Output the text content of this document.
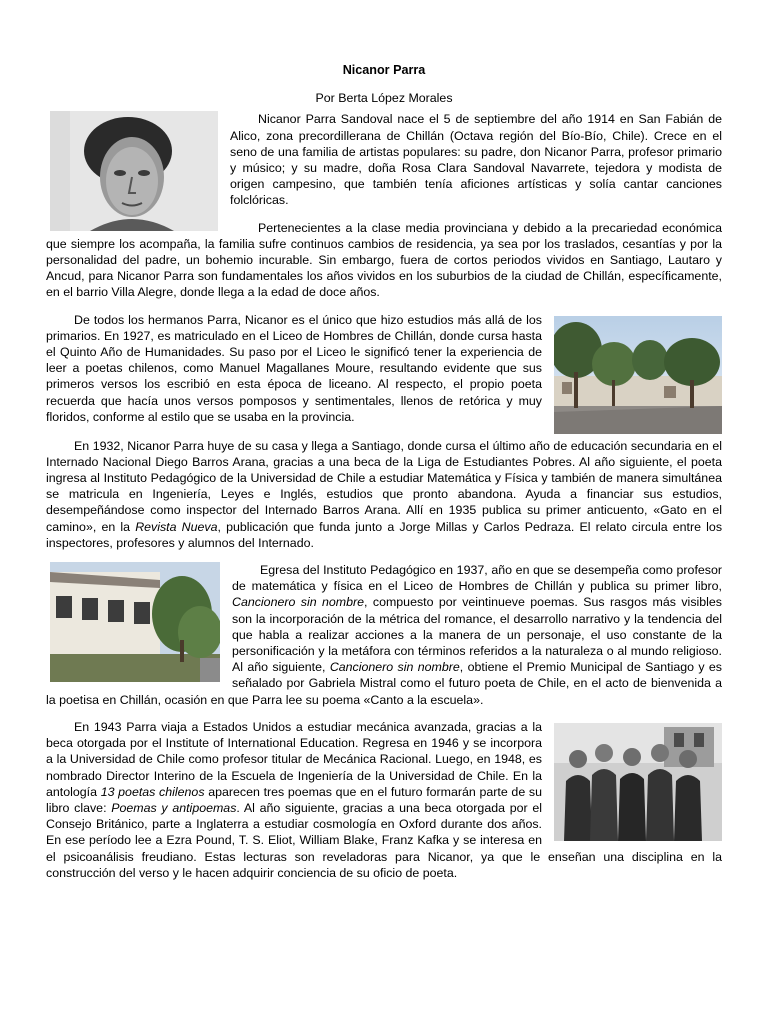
Nicanor Parra
Por Berta López Morales

Nicanor Parra Sandoval nace el 5 de septiembre del año 1914 en San Fabián de Alico, zona precordillerana de Chillán (Octava región del Bío-Bío, Chile). Crece en el seno de una familia de artistas populares: su padre, don Nicanor Parra, profesor primario y músico; y su madre, doña Rosa Clara Sandoval Navarrete, tejedora y modista de origen campesino, que también tenía aficiones artísticas y solía cantar canciones folclóricas.

Pertenecientes a la clase media provinciana y debido a la precariedad económica que siempre los acompaña, la familia sufre continuos cambios de residencia, ya sea por los traslados, cesantías y por la personalidad del padre, un bohemio incurable. Sin embargo, fuera de cortos periodos vividos en Santiago, Lautaro y Ancud, para Nicanor Parra son fundamentales los años vividos en los suburbios de la ciudad de Chillán, específicamente, en el barrio Villa Alegre, donde llega a la edad de doce años.

De todos los hermanos Parra, Nicanor es el único que hizo estudios más allá de los primarios. En 1927, es matriculado en el Liceo de Hombres de Chillán, donde cursa hasta el Quinto Año de Humanidades. Su paso por el Liceo le significó tener la experiencia de leer a poetas chilenos, como Manuel Magallanes Moure, resultando evidente que sus primeros versos los escribió en esta época de liceano. Al respecto, el propio poeta recuerda que hacía unos versos pomposos y sentimentales, llenos de retórica y muy floridos, conforme al estilo que se usaba en la provincia.

En 1932, Nicanor Parra huye de su casa y llega a Santiago, donde cursa el último año de educación secundaria en el Internado Nacional Diego Barros Arana, gracias a una beca de la Liga de Estudiantes Pobres. Al año siguiente, el poeta ingresa al Instituto Pedagógico de la Universidad de Chile a estudiar Matemática y Física y también de manera simultánea se matricula en Ingeniería, Leyes e Inglés, estudios que pronto abandona. Ayuda a financiar sus estudios, desempeñándose como inspector del Internado Barros Arana. Allí en 1935 publica su primer anticuento, «Gato en el camino», en la Revista Nueva, publicación que funda junto a Jorge Millas y Carlos Pedraza. El relato circula entre los inspectores, profesores y alumnos del Internado.

Egresa del Instituto Pedagógico en 1937, año en que se desempeña como profesor de matemática y física en el Liceo de Hombres de Chillán y publica su primer libro, Cancionero sin nombre, compuesto por veintinueve poemas. Sus rasgos más visibles son la incorporación de la métrica del romance, el desarrollo narrativo y la tendencia del que habla a realizar acciones a la manera de un personaje, el uso constante de la personificación y la metáfora con términos referidos a la naturaleza o al mundo religioso. Al año siguiente, Cancionero sin nombre, obtiene el Premio Municipal de Santiago y es señalado por Gabriela Mistral como el futuro poeta de Chile, en el acto de bienvenida a la poetisa en Chillán, ocasión en que Parra lee su poema «Canto a la escuela».

En 1943 Parra viaja a Estados Unidos a estudiar mecánica avanzada, gracias a la beca otorgada por el Institute of International Education. Regresa en 1946 y se incorpora a la Universidad de Chile como profesor titular de Mecánica Racional. Luego, en 1948, es nombrado Director Interino de la Escuela de Ingeniería de la Universidad de Chile. En la antología 13 poetas chilenos aparecen tres poemas que en el futuro formarán parte de su libro clave: Poemas y antipoemas. Al año siguiente, gracias a una beca otorgada por el Consejo Británico, parte a Inglaterra a estudiar cosmología en Oxford durante dos años. En ese período lee a Ezra Pound, T. S. Eliot, William Blake, Franz Kafka y se interesa en el psicoanálisis freudiano. Estas lecturas son reveladoras para Nicanor, ya que le enseñan una disciplina en la construcción del verso y le hacen adquirir conciencia de su oficio de poeta.
